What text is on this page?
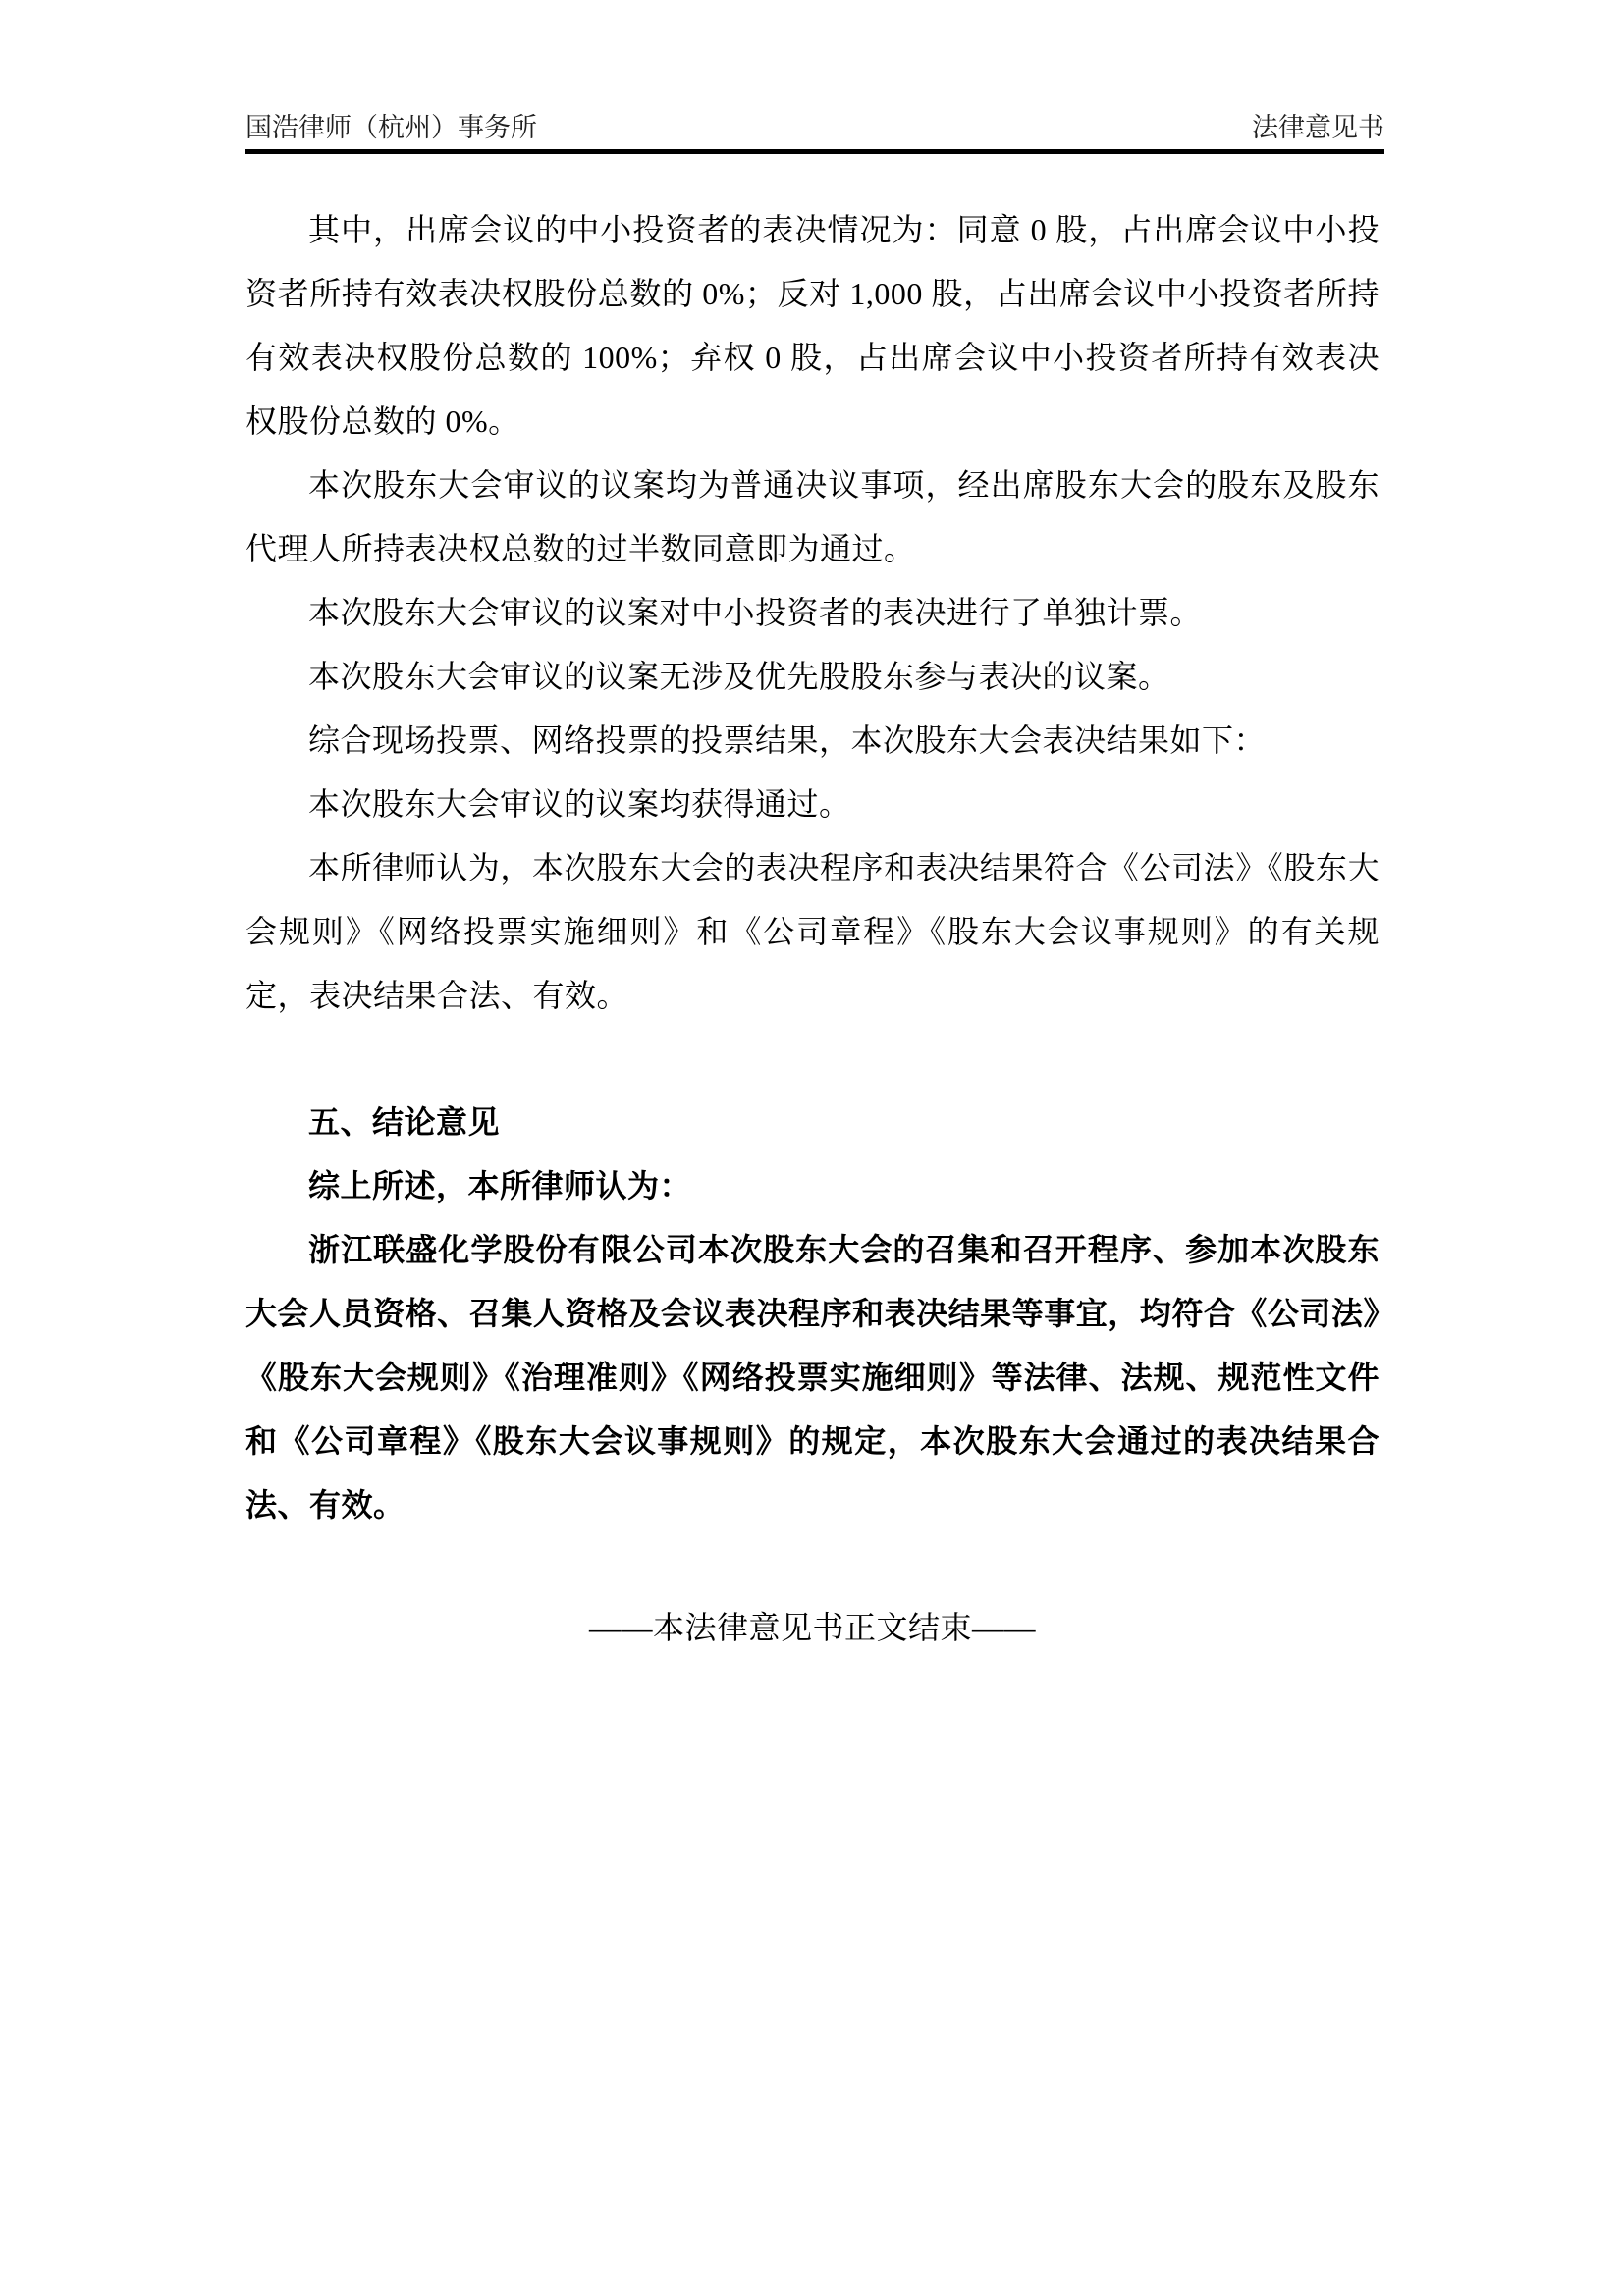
国浩律师（杭州）事务所	法律意见书

其中，出席会议的中小投资者的表决情况为：同意 0 股，占出席会议中小投资者所持有效表决权股份总数的 0%；反对 1,000 股，占出席会议中小投资者所持有效表决权股份总数的 100%；弃权 0 股，占出席会议中小投资者所持有效表决权股份总数的 0%。

本次股东大会审议的议案均为普通决议事项，经出席股东大会的股东及股东代理人所持表决权总数的过半数同意即为通过。

本次股东大会审议的议案对中小投资者的表决进行了单独计票。

本次股东大会审议的议案无涉及优先股股东参与表决的议案。

综合现场投票、网络投票的投票结果，本次股东大会表决结果如下：

本次股东大会审议的议案均获得通过。

本所律师认为，本次股东大会的表决程序和表决结果符合《公司法》《股东大会规则》《网络投票实施细则》和《公司章程》《股东大会议事规则》的有关规定，表决结果合法、有效。

五、结论意见

综上所述，本所律师认为：

浙江联盛化学股份有限公司本次股东大会的召集和召开程序、参加本次股东大会人员资格、召集人资格及会议表决程序和表决结果等事宜，均符合《公司法》《股东大会规则》《治理准则》《网络投票实施细则》等法律、法规、规范性文件和《公司章程》《股东大会议事规则》的规定，本次股东大会通过的表决结果合法、有效。

——本法律意见书正文结束——
